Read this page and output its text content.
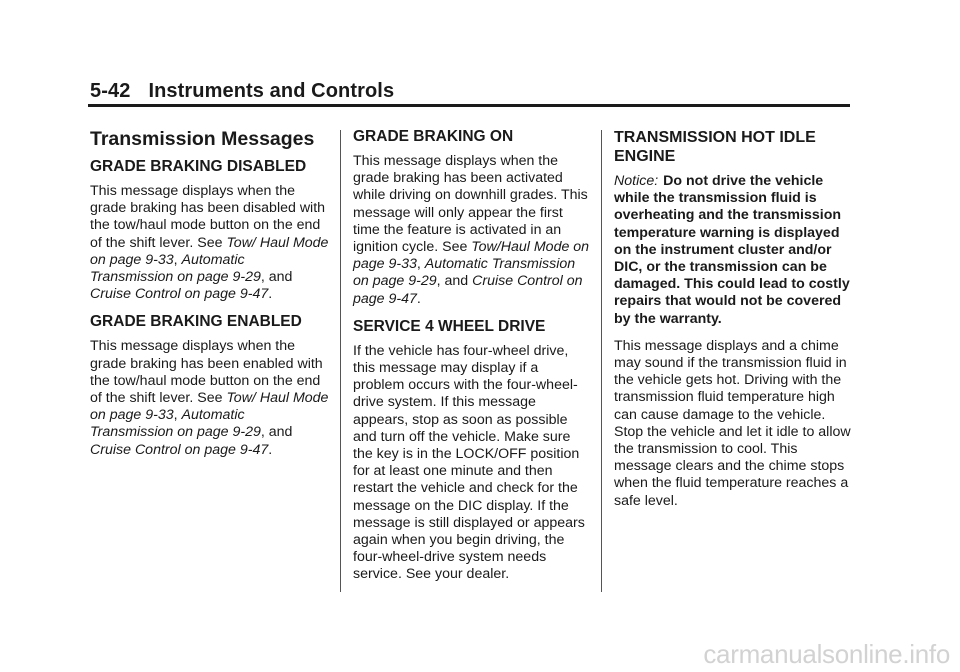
5-42 Instruments and Controls
Transmission Messages
GRADE BRAKING DISABLED

This message displays when the grade braking has been disabled with the tow/haul mode button on the end of the shift lever. See Tow/ Haul Mode on page 9-33, Automatic Transmission on page 9-29, and Cruise Control on page 9-47.

GRADE BRAKING ENABLED

This message displays when the grade braking has been enabled with the tow/haul mode button on the end of the shift lever. See Tow/ Haul Mode on page 9-33, Automatic Transmission on page 9-29, and Cruise Control on page 9-47.

GRADE BRAKING ON

This message displays when the grade braking has been activated while driving on downhill grades. This message will only appear the first time the feature is activated in an ignition cycle. See Tow/Haul Mode on page 9-33, Automatic Transmission on page 9-29, and Cruise Control on page 9-47.

SERVICE 4 WHEEL DRIVE

If the vehicle has four-wheel drive, this message may display if a problem occurs with the four-wheel-drive system. If this message appears, stop as soon as possible and turn off the vehicle. Make sure the key is in the LOCK/OFF position for at least one minute and then restart the vehicle and check for the message on the DIC display. If the message is still displayed or appears again when you begin driving, the four-wheel-drive system needs service. See your dealer.

TRANSMISSION HOT IDLE ENGINE

Notice: Do not drive the vehicle while the transmission fluid is overheating and the transmission temperature warning is displayed on the instrument cluster and/or DIC, or the transmission can be damaged. This could lead to costly repairs that would not be covered by the warranty.

This message displays and a chime may sound if the transmission fluid in the vehicle gets hot. Driving with the transmission fluid temperature high can cause damage to the vehicle. Stop the vehicle and let it idle to allow the transmission to cool. This message clears and the chime stops when the fluid temperature reaches a safe level.

carmanualsonline.info
